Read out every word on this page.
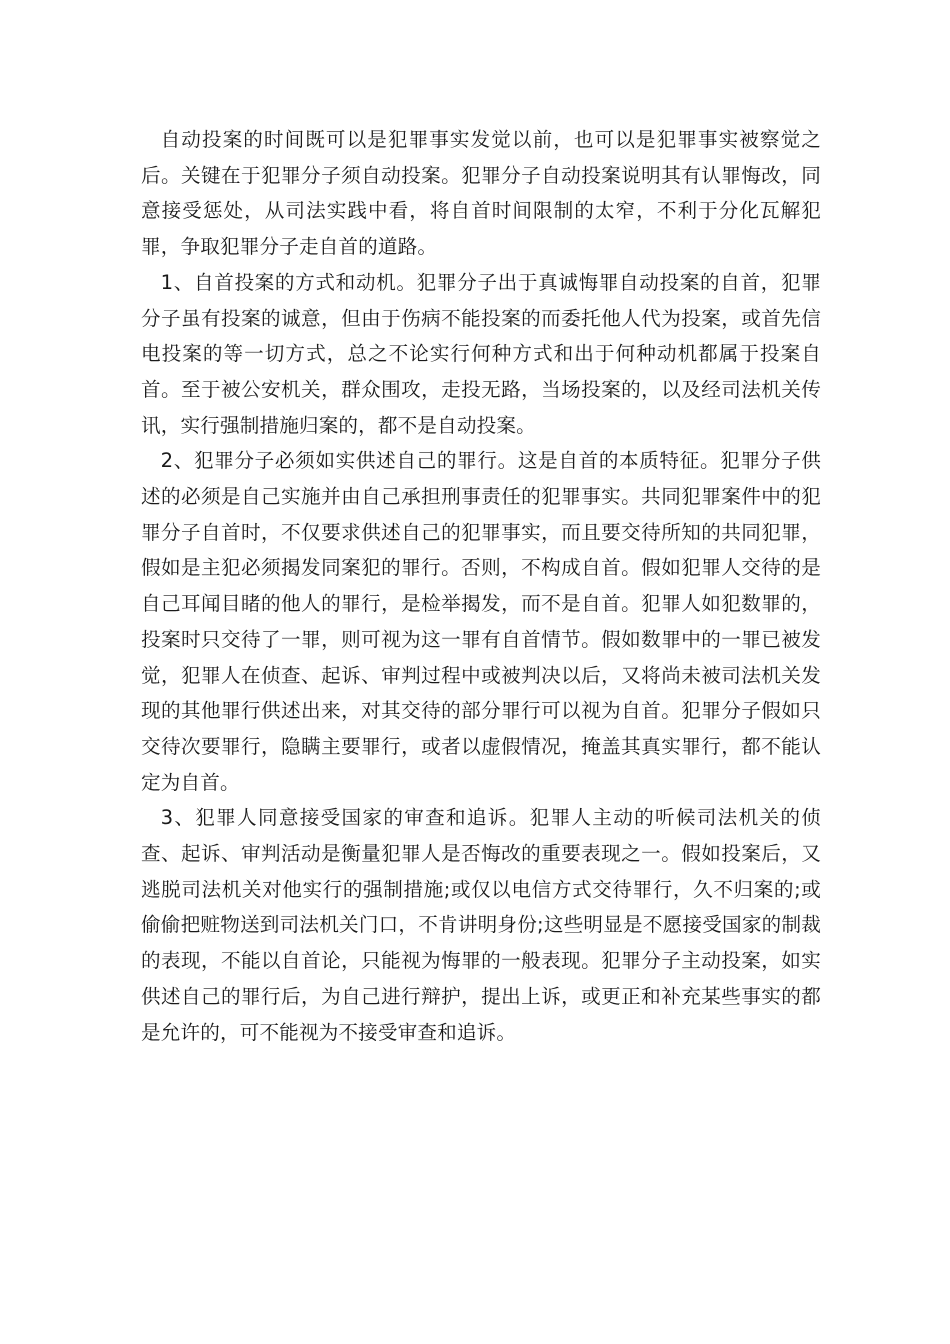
自动投案的时间既可以是犯罪事实发觉以前，也可以是犯罪事实被察觉之后。关键在于犯罪分子须自动投案。犯罪分子自动投案说明其有认罪悔改，同意接受惩处，从司法实践中看，将自首时间限制的太窄，不利于分化瓦解犯罪，争取犯罪分子走自首的道路。

1、自首投案的方式和动机。犯罪分子出于真诚悔罪自动投案的自首，犯罪分子虽有投案的诚意，但由于伤病不能投案的而委托他人代为投案，或首先信电投案的等一切方式，总之不论实行何种方式和出于何种动机都属于投案自首。至于被公安机关，群众围攻，走投无路，当场投案的，以及经司法机关传讯，实行强制措施归案的，都不是自动投案。

2、犯罪分子必须如实供述自己的罪行。这是自首的本质特征。犯罪分子供述的必须是自己实施并由自己承担刑事责任的犯罪事实。共同犯罪案件中的犯罪分子自首时，不仅要求供述自己的犯罪事实，而且要交待所知的共同犯罪，假如是主犯必须揭发同案犯的罪行。否则，不构成自首。假如犯罪人交待的是自己耳闻目睹的他人的罪行，是检举揭发，而不是自首。犯罪人如犯数罪的，投案时只交待了一罪，则可视为这一罪有自首情节。假如数罪中的一罪已被发觉，犯罪人在侦查、起诉、审判过程中或被判决以后，又将尚未被司法机关发现的其他罪行供述出来，对其交待的部分罪行可以视为自首。犯罪分子假如只交待次要罪行，隐瞒主要罪行，或者以虚假情况，掩盖其真实罪行，都不能认定为自首。

3、犯罪人同意接受国家的审查和追诉。犯罪人主动的听候司法机关的侦查、起诉、审判活动是衡量犯罪人是否悔改的重要表现之一。假如投案后，又逃脱司法机关对他实行的强制措施;或仅以电信方式交待罪行，久不归案的;或偷偷把赃物送到司法机关门口，不肯讲明身份;这些明显是不愿接受国家的制裁的表现，不能以自首论，只能视为悔罪的一般表现。犯罪分子主动投案，如实供述自己的罪行后，为自己进行辩护，提出上诉，或更正和补充某些事实的都是允许的，可不能视为不接受审查和追诉。
